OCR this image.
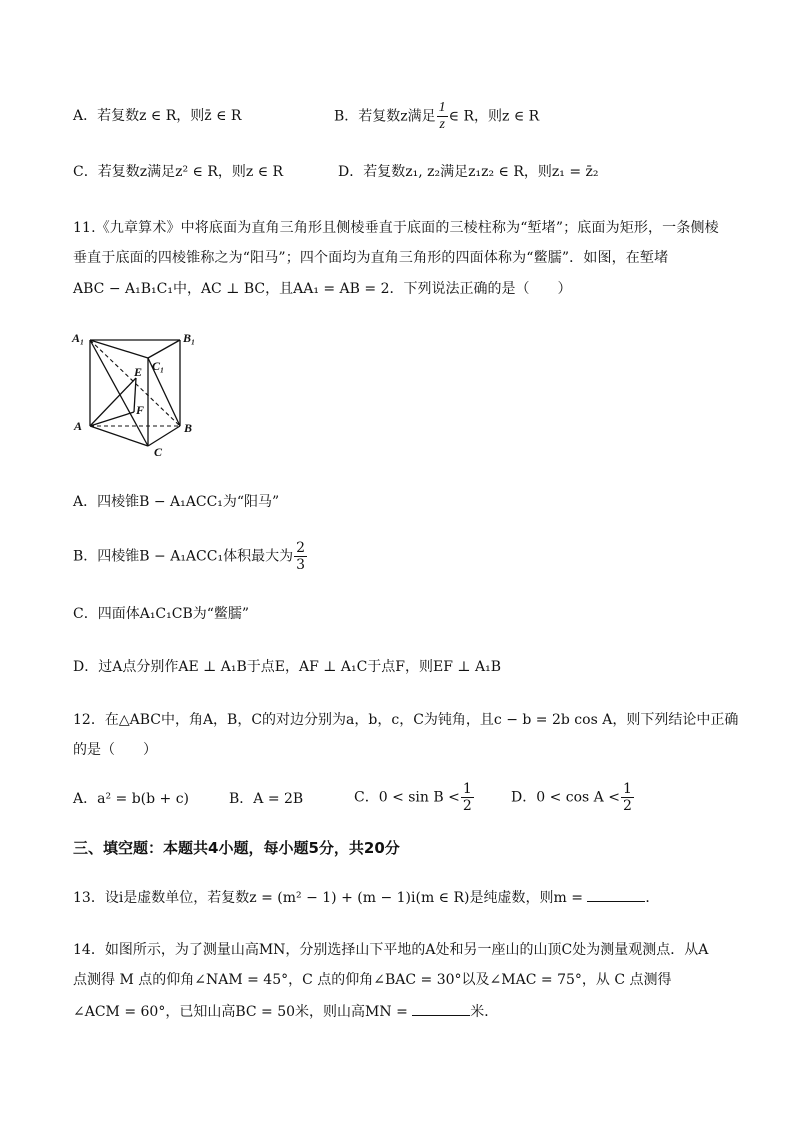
A．若复数z ∈ R，则z̄ ∈ R	B．若复数z满足 $\frac{1}{z}$ ∈ R，则z ∈ R
C．若复数z满足z² ∈ R，则z ∈ R	D．若复数z₁, z₂满足z₁z₂ ∈ R，则z₁ = z̄₂
11.《九章算术》中将底面为直角三角形且侧棱垂直于底面的三棱柱称为“堑堵”；底面为矩形，一条侧棱
垂直于底面的四棱锥称之为“阳马”；四个面均为直角三角形的四面体称为“鳖臑”．如图，在堑堵
ABC − A₁B₁C₁中，AC ⊥ BC，且AA₁ = AB = 2．下列说法正确的是（　　）
A₁	B₁
C₁
E
F
A	B
C
A．四棱锥B − A₁ACC₁为“阳马”
B．四棱锥B − A₁ACC₁体积最大为 $\frac{2}{3}$
C．四面体A₁C₁CB为“鳖臑”
D．过A点分别作AE ⊥ A₁B于点E，AF ⊥ A₁C于点F，则EF ⊥ A₁B
12．在△ABC中，角A，B，C的对边分别为a，b，c，C为钝角，且c − b = 2b cos A，则下列结论中正确
的是（　　）
A．a² = b(b + c)	B．A = 2B	C．$0 < \sin B < \frac{1}{2}$	D．$0 < \cos A < \frac{1}{2}$
三、填空题：本题共4小题，每小题5分，共20分
13．设i是虚数单位，若复数z = (m² − 1) + (m − 1)i(m ∈ R)是纯虚数，则m =	．
14．如图所示，为了测量山高MN，分别选择山下平地的A处和另一座山的山顶C处为测量观测点．从A
点测得 M 点的仰角∠NAM = 45°，C 点的仰角∠BAC = 30°以及∠MAC = 75°，从 C 点测得
∠ACM = 60°，已知山高BC = 50米，则山高MN =	米．
